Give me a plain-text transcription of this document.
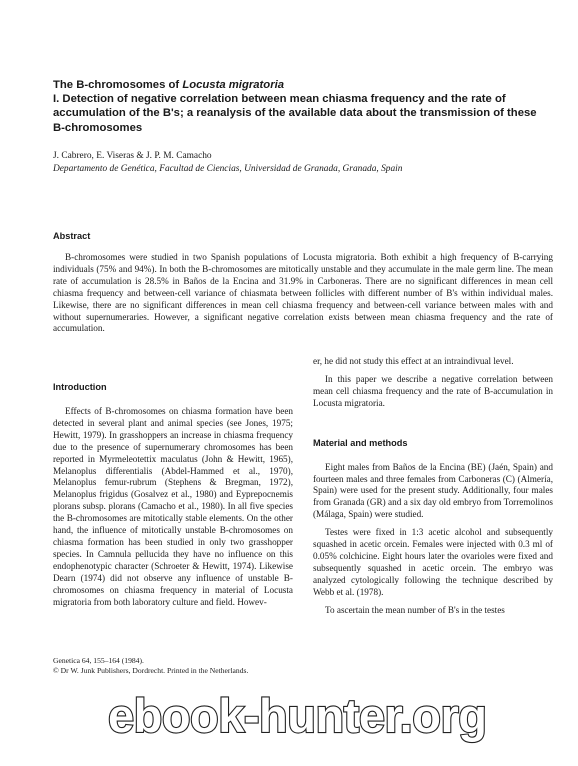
The B-chromosomes of Locusta migratoria

I. Detection of negative correlation between mean chiasma frequency and the rate of

accumulation of the B's; a reanalysis of the available data about the transmission of these

B-chromosomes

J. Cabrero, E. Viseras & J. P. M. Camacho
Departamento de Genética, Facultad de Ciencias, Universidad de Granada, Granada, Spain
Abstract

B-chromosomes were studied in two Spanish populations of Locusta migratoria. Both exhibit a high frequency of B-carrying individuals (75% and 94%). In both the B-chromosomes are mitotically unstable and they accumulate in the male germ line. The mean rate of accumulation is 28.5% in Baños de la Encina and 31.9% in Carboneras. There are no significant differences in mean cell chiasma frequency and between-cell variance of chiasmata between follicles with different number of B's within individual males. Likewise, there are no significant differences in mean cell chiasma frequency and between-cell variance between males with and without supernumeraries. However, a significant negative correlation exists between mean chiasma frequency and the rate of accumulation.

Introduction

Effects of B-chromosomes on chiasma formation have been detected in several plant and animal species (see Jones, 1975; Hewitt, 1979). In grasshoppers an increase in chiasma frequency due to the presence of supernumerary chromosomes has been reported in Myrmeleotettix maculatus (John & Hewitt, 1965), Melanoplus differentialis (Abdel-Hammed et al., 1970), Melanoplus femur-rubrum (Stephens & Bregman, 1972), Melanoplus frigidus (Gosalvez et al., 1980) and Eyprepocnemis plorans subsp. plorans (Camacho et al., 1980). In all five species the B-chromosomes are mitotically stable elements. On the other hand, the influence of mitotically unstable B-chromosomes on chiasma formation has been studied in only two grasshopper species. In Camnula pellucida they have no influence on this endophenotypic character (Schroeter & Hewitt, 1974). Likewise Dearn (1974) did not observe any influence of unstable B-chromosomes on chiasma frequency in material of Locusta migratoria from both laboratory culture and field. Howev-

er, he did not study this effect at an intraindivual level.

In this paper we describe a negative correlation between mean cell chiasma frequency and the rate of B-accumulation in Locusta migratoria.

Material and methods

Eight males from Baños de la Encina (BE) (Jaén, Spain) and fourteen males and three females from Carboneras (C) (Almería, Spain) were used for the present study. Additionally, four males from Granada (GR) and a six day old embryo from Torremolinos (Málaga, Spain) were studied.

Testes were fixed in 1:3 acetic alcohol and subsequently squashed in acetic orcein. Females were injected with 0.3 ml of 0.05% colchicine. Eight hours later the ovarioles were fixed and subsequently squashed in acetic orcein. The embryo was analyzed cytologically following the technique described by Webb et al. (1978).

To ascertain the mean number of B's in the testes

Genetica 64, 155–164 (1984).
© Dr W. Junk Publishers, Dordrecht. Printed in the Netherlands.
ebook-hunter.org
